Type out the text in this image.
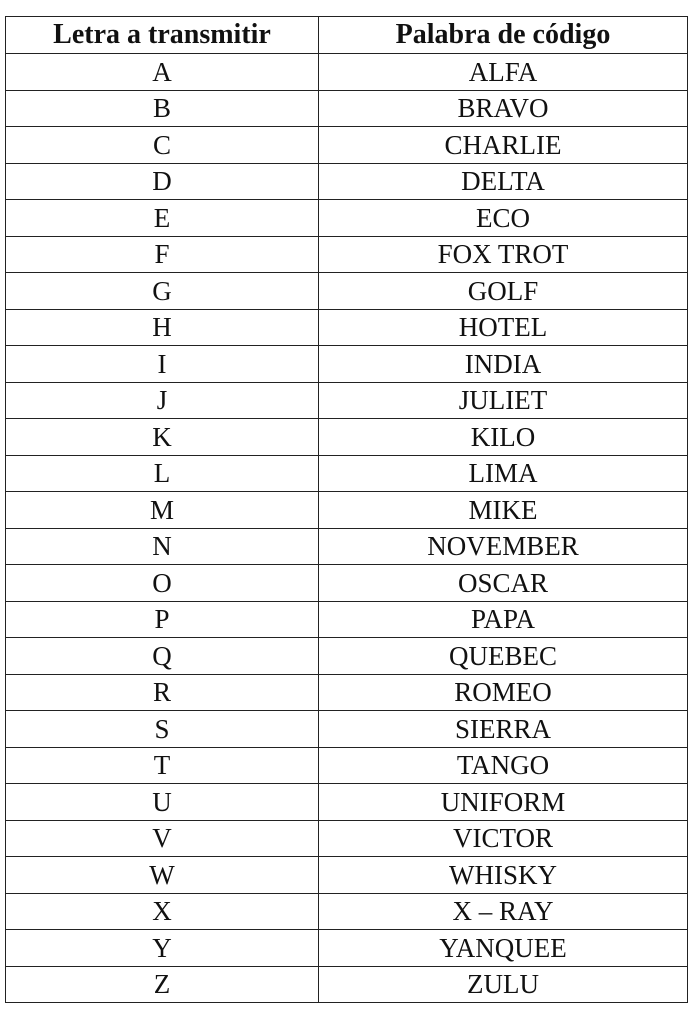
Letra a transmitir	Palabra de código
A	ALFA
B	BRAVO
C	CHARLIE
D	DELTA
E	ECO
F	FOX TROT
G	GOLF
H	HOTEL
I	INDIA
J	JULIET
K	KILO
L	LIMA
M	MIKE
N	NOVEMBER
O	OSCAR
P	PAPA
Q	QUEBEC
R	ROMEO
S	SIERRA
T	TANGO
U	UNIFORM
V	VICTOR
W	WHISKY
X	X – RAY
Y	YANQUEE
Z	ZULU
